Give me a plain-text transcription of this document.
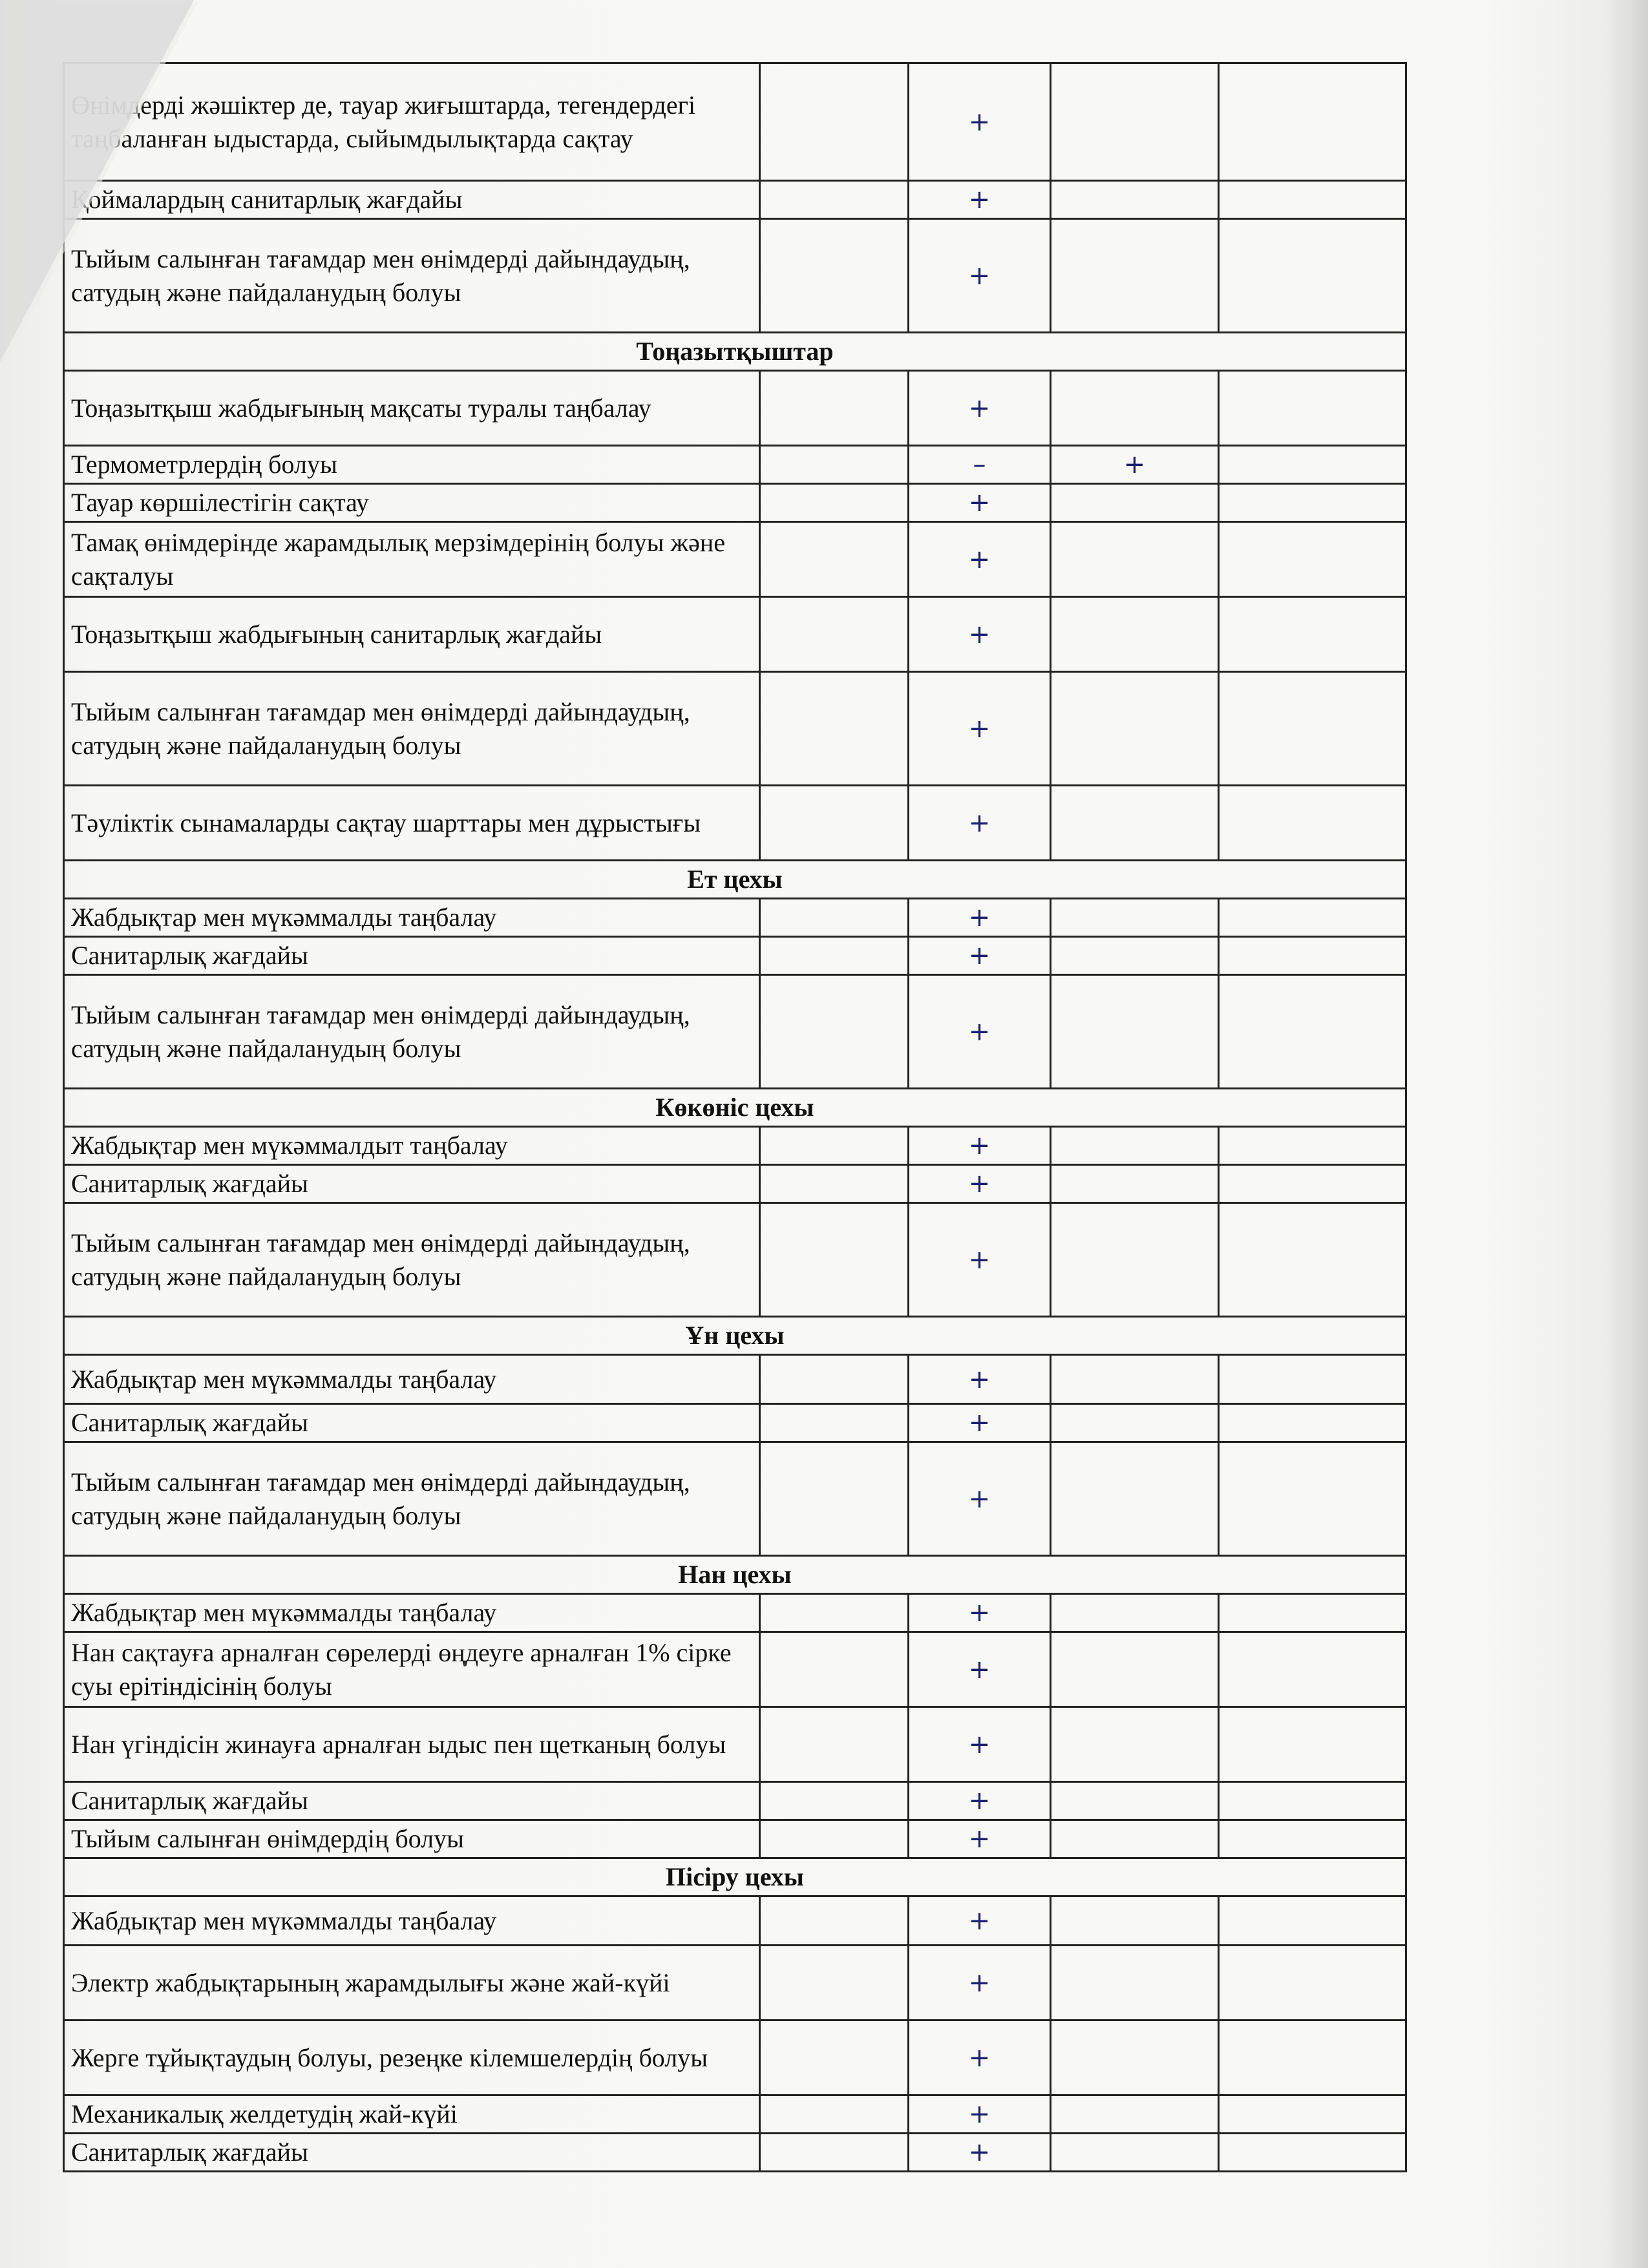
Өнімдерді жәшіктер де, тауар жиғыштарда, тегендердегі таңбаланған ыдыстардa, сыйымдылықтарда сақтау		+		
Қоймалардың санитарлық жағдайы		+		
Тыйым салынған тағамдар мен өнімдерді дайындаудың, сатудың және пайдаланудың болуы		+		
Тоңазытқыштар				
Тоңазытқыш жабдығының мақсаты туралы таңбалау		+		
Термометрлердің болуы		–	+	
Тауар көршілестігін сақтау		+		
Тамақ өнімдерінде жарамдылық мерзімдерінің болуы және сақталуы		+		
Тоңазытқыш жабдығының санитарлық жағдайы		+		
Тыйым салынған тағамдар мен өнімдерді дайындаудың, сатудың және пайдаланудың болуы		+		
Тәуліктік сынамаларды сақтау шарттары мен дұрыстығы		+		
Ет цехы				
Жабдықтар мен мүкәммалды таңбалау		+		
Санитарлық жағдайы		+		
Тыйым салынған тағамдар мен өнімдерді дайындаудың, сатудың және пайдаланудың болуы		+		
Көкөніс цехы				
Жабдықтар мен мүкәммалдыт таңбалау		+		
Санитарлық жағдайы		+		
Тыйым салынған тағамдар мен өнімдерді дайындаудың, сатудың және пайдаланудың болуы		+		
Ұн цехы				
Жабдықтар мен мүкәммалды таңбалау		+		
Санитарлық жағдайы		+		
Тыйым салынған тағамдар мен өнімдерді дайындаудың, сатудың және пайдаланудың болуы		+		
Нан цехы				
Жабдықтар мен мүкәммалды таңбалау		+		
Нан сақтауға арналған сөрелерді өңдеуге арналған 1% сірке суы ерітіндісінің болуы		+		
Нан үгіндісін жинауға арналған ыдыс пен щетканың болуы		+		
Санитарлық жағдайы		+		
Тыйым салынған өнімдердің болуы		+		
Пісіру цехы				
Жабдықтар мен мүкәммалды таңбалау		+		
Электр жабдықтарының жарамдылығы және жай-күйі		+		
Жерге тұйықтаудың болуы, резеңке кілемшелердің болуы		+		
Механикалық желдетудің жай-күйі		+		
Санитарлық жағдайы		+		
